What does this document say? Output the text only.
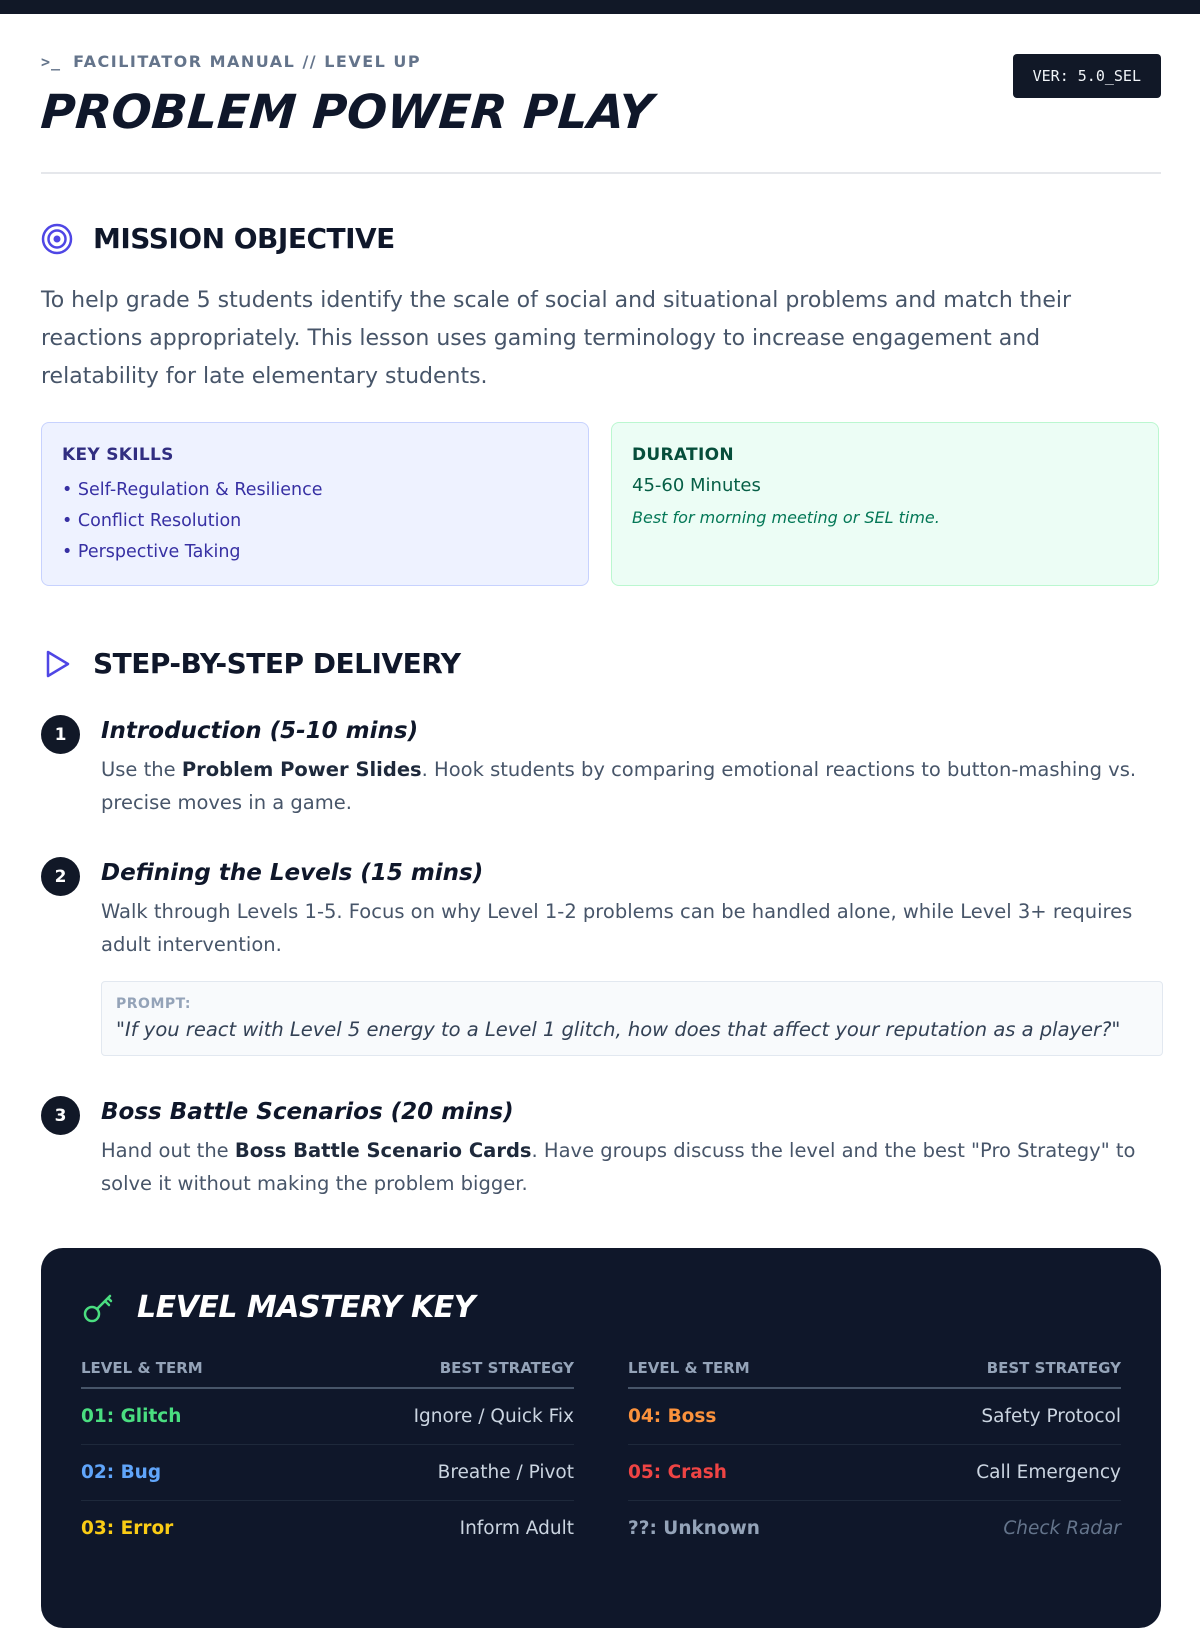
>_ FACILITATOR MANUAL // LEVEL UP
PROBLEM POWER PLAY
VER: 5.0_SEL
MISSION OBJECTIVE

To help grade 5 students identify the scale of social and situational problems and match their reactions appropriately. This lesson uses gaming terminology to increase engagement and relatability for late elementary students.

KEY SKILLS
• Self-Regulation & Resilience
• Conflict Resolution
• Perspective Taking
DURATION
45-60 Minutes
Best for morning meeting or SEL time.
STEP-BY-STEP DELIVERY
1	Introduction (5-10 mins)

Use the Problem Power Slides. Hook students by comparing emotional reactions to button-mashing vs. precise moves in a game.

2	Defining the Levels (15 mins)

Walk through Levels 1-5. Focus on why Level 1-2 problems can be handled alone, while Level 3+ requires adult intervention.

PROMPT:
"If you react with Level 5 energy to a Level 1 glitch, how does that affect your reputation as a player?"
3	Boss Battle Scenarios (20 mins)

Hand out the Boss Battle Scenario Cards. Have groups discuss the level and the best "Pro Strategy" to solve it without making the problem bigger.

LEVEL MASTERY KEY
LEVEL & TERM	BEST STRATEGY
01: Glitch	Ignore / Quick Fix
02: Bug	Breathe / Pivot
03: Error	Inform Adult
LEVEL & TERM	BEST STRATEGY
04: Boss	Safety Protocol
05: Crash	Call Emergency
??: Unknown	Check Radar
